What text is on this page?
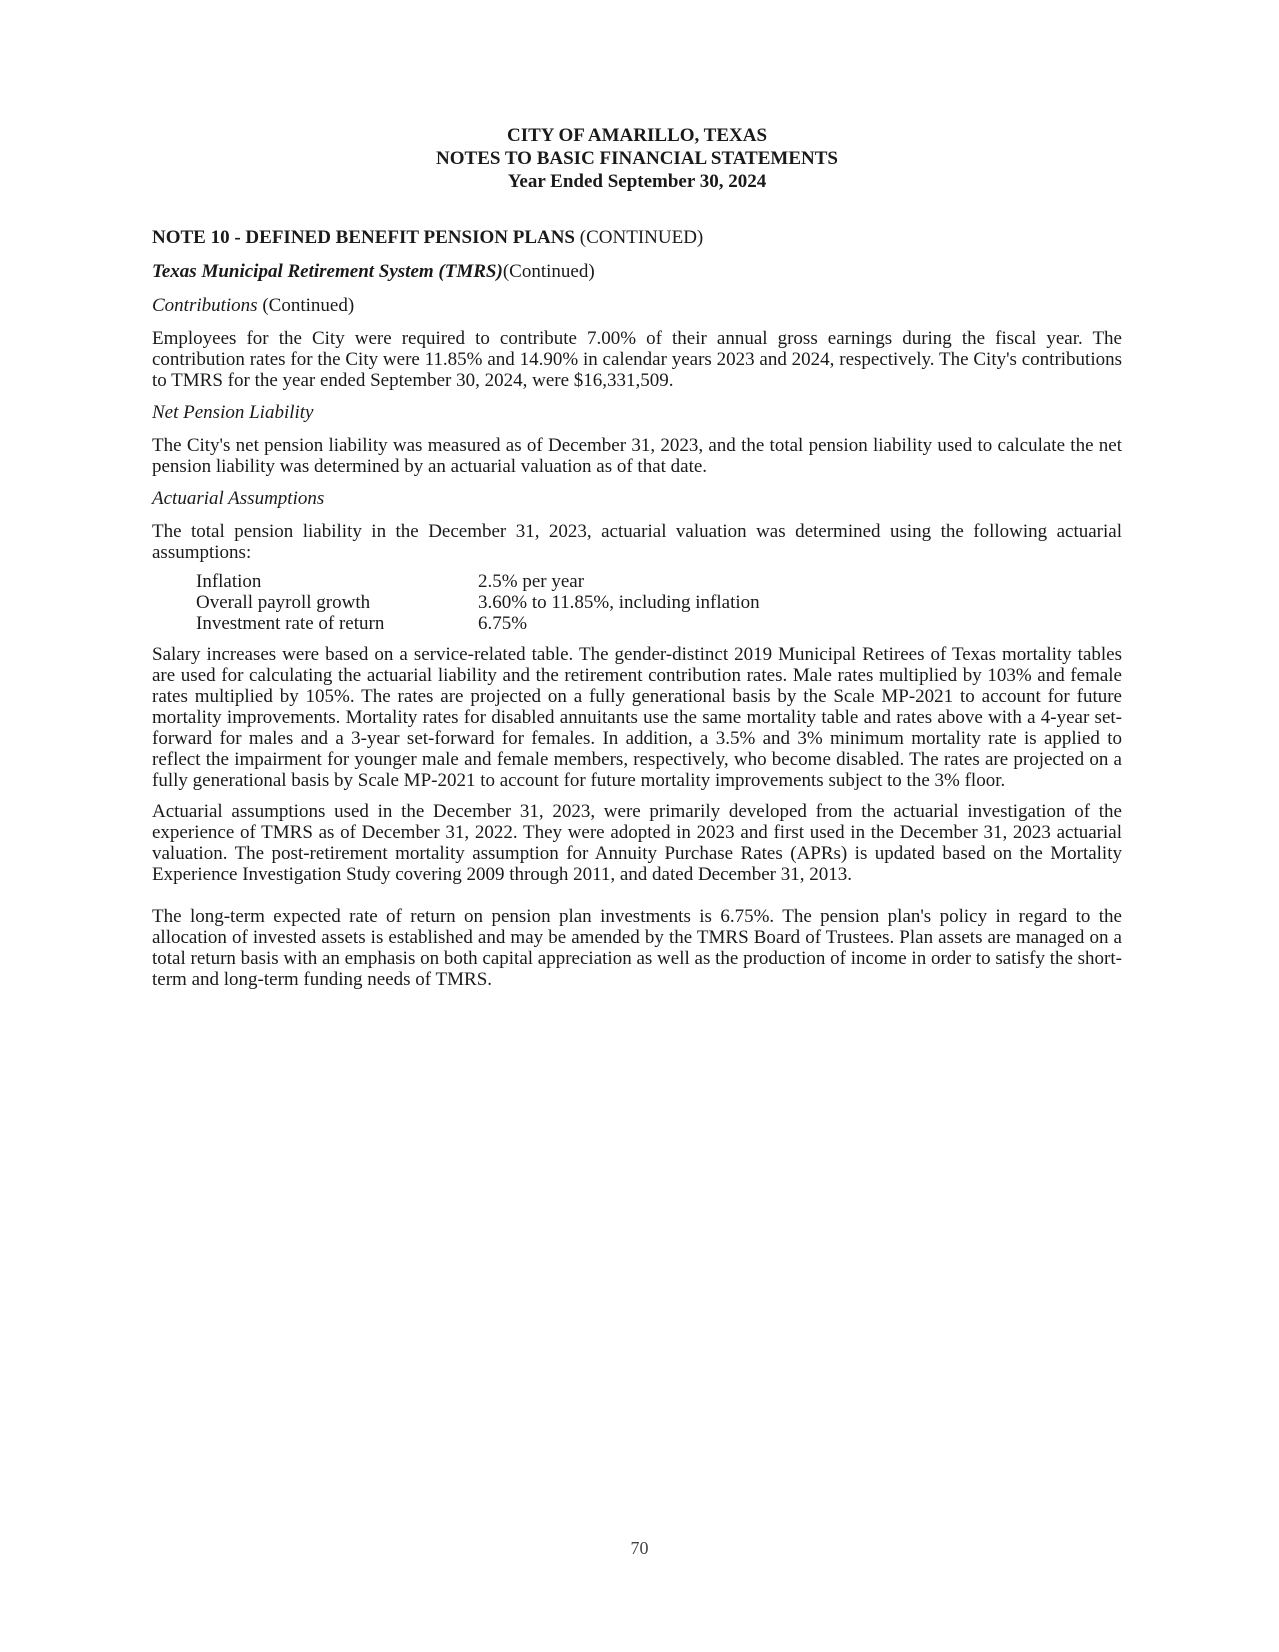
CITY OF AMARILLO, TEXAS
NOTES TO BASIC FINANCIAL STATEMENTS
Year Ended September 30, 2024
NOTE 10 - DEFINED BENEFIT PENSION PLANS (CONTINUED)
Texas Municipal Retirement System (TMRS)(Continued)
Contributions (Continued)

Employees for the City were required to contribute 7.00% of their annual gross earnings during the fiscal year. The contribution rates for the City were 11.85% and 14.90% in calendar years 2023 and 2024, respectively. The City's contributions to TMRS for the year ended September 30, 2024, were $16,331,509.

Net Pension Liability

The City's net pension liability was measured as of December 31, 2023, and the total pension liability used to calculate the net pension liability was determined by an actuarial valuation as of that date.

Actuarial Assumptions

The total pension liability in the December 31, 2023, actuarial valuation was determined using the following actuarial assumptions:

Inflation	2.5% per year
Overall payroll growth	3.60% to 11.85%, including inflation
Investment rate of return	6.75%

Salary increases were based on a service-related table. The gender-distinct 2019 Municipal Retirees of Texas mortality tables are used for calculating the actuarial liability and the retirement contribution rates. Male rates multiplied by 103% and female rates multiplied by 105%. The rates are projected on a fully generational basis by the Scale MP-2021 to account for future mortality improvements. Mortality rates for disabled annuitants use the same mortality table and rates above with a 4-year set-forward for males and a 3-year set-forward for females. In addition, a 3.5% and 3% minimum mortality rate is applied to reflect the impairment for younger male and female members, respectively, who become disabled. The rates are projected on a fully generational basis by Scale MP-2021 to account for future mortality improvements subject to the 3% floor.

Actuarial assumptions used in the December 31, 2023, were primarily developed from the actuarial investigation of the experience of TMRS as of December 31, 2022. They were adopted in 2023 and first used in the December 31, 2023 actuarial valuation. The post-retirement mortality assumption for Annuity Purchase Rates (APRs) is updated based on the Mortality Experience Investigation Study covering 2009 through 2011, and dated December 31, 2013.

The long-term expected rate of return on pension plan investments is 6.75%. The pension plan's policy in regard to the allocation of invested assets is established and may be amended by the TMRS Board of Trustees. Plan assets are managed on a total return basis with an emphasis on both capital appreciation as well as the production of income in order to satisfy the short-term and long-term funding needs of TMRS.

70
